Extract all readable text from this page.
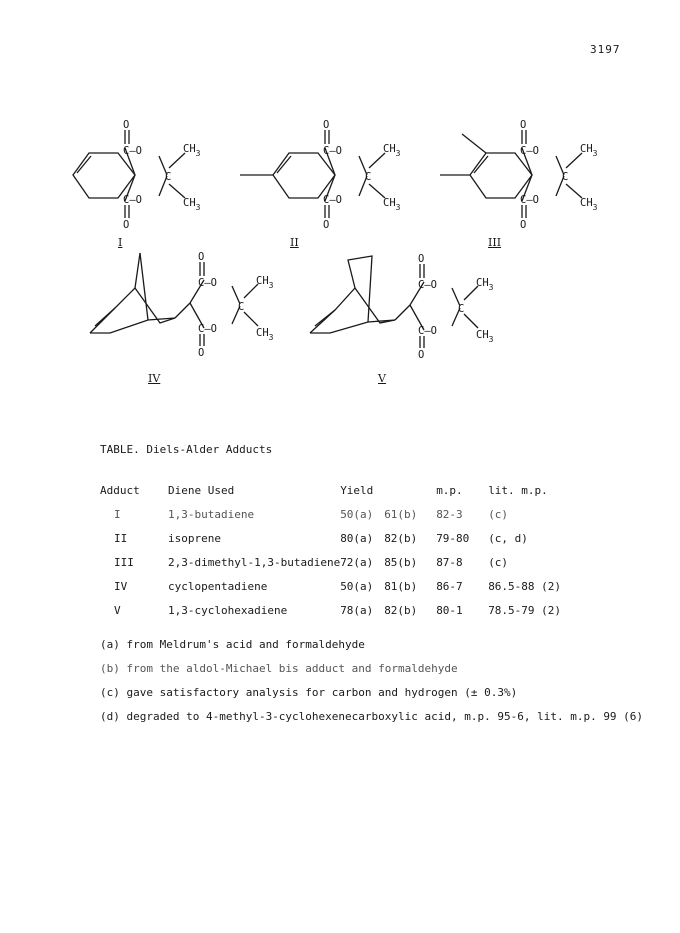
3197
O
C—O
C
$CH_3$
C—O	$CH_3$
O
I
O
C—O
C
$CH_3$
C—O	$CH_3$
O
II
O
C—O
C
$CH_3$
C—O	$CH_3$
O
III
O
C—O
C
$CH_3$
C—O	$CH_3$
O
IV
O
C—O
C
$CH_3$
C—O	$CH_3$
O
V
TABLE. Diels-Alder Adducts
Adduct	Diene Used	Yield		m.p.	lit. m.p.
I	1,3-butadiene	50(a)	61(b)	82-3	(c)
II	isoprene	80(a)	82(b)	79-80	(c, d)
III	2,3-dimethyl-1,3-butadiene	72(a)	85(b)	87-8	(c)
IV	cyclopentadiene	50(a)	81(b)	86-7	86.5-88 (2)
V	1,3-cyclohexadiene	78(a)	82(b)	80-1	78.5-79 (2)
(a) from Meldrum's acid and formaldehyde
(b) from the aldol-Michael bis adduct and formaldehyde
(c) gave satisfactory analysis for carbon and hydrogen (± 0.3%)
(d) degraded to 4-methyl-3-cyclohexenecarboxylic acid, m.p. 95-6, lit. m.p. 99 (6)
